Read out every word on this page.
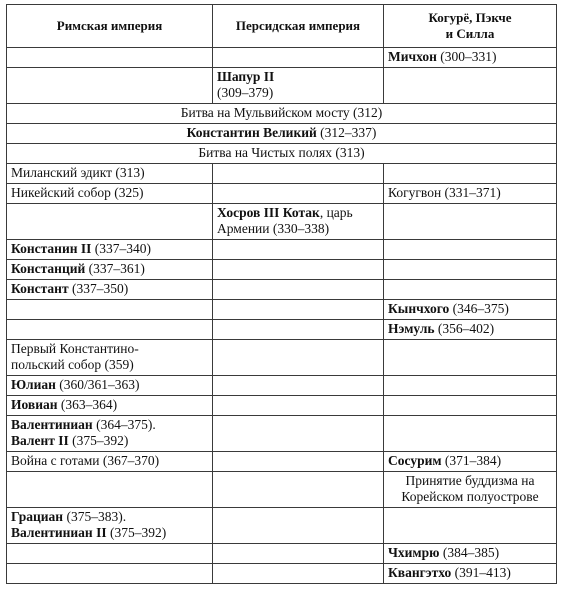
Римская империя	Персидская империя	Когурё, Пэкче
и Силла
		Мичхон (300–331)
	Шапур II
(309–379)	
Битва на Мульвийском мосту (312)		
Константин Великий (312–337)		
Битва на Чистых полях (313)		
Миланский эдикт (313)		
Никейский собор (325)		Когугвон (331–371)
	Хосров III Котак, царь
Армении (330–338)	
Констанин II (337–340)		
Констанций (337–361)		
Констант (337–350)		
		Кынчхого (346–375)
		Нэмуль (356–402)
Первый Константино-
польский собор (359)		
Юлиан (360/361–363)		
Иовиан (363–364)		
Валентиниан (364–375).
Валент II (375–392)		
Война с готами (367–370)		Сосурим (371–384)
		Принятие буддизма на
Корейском полуострове
Грациан (375–383).
Валентиниан II (375–392)		
		Чхимрю (384–385)
		Квангэтхо (391–413)
